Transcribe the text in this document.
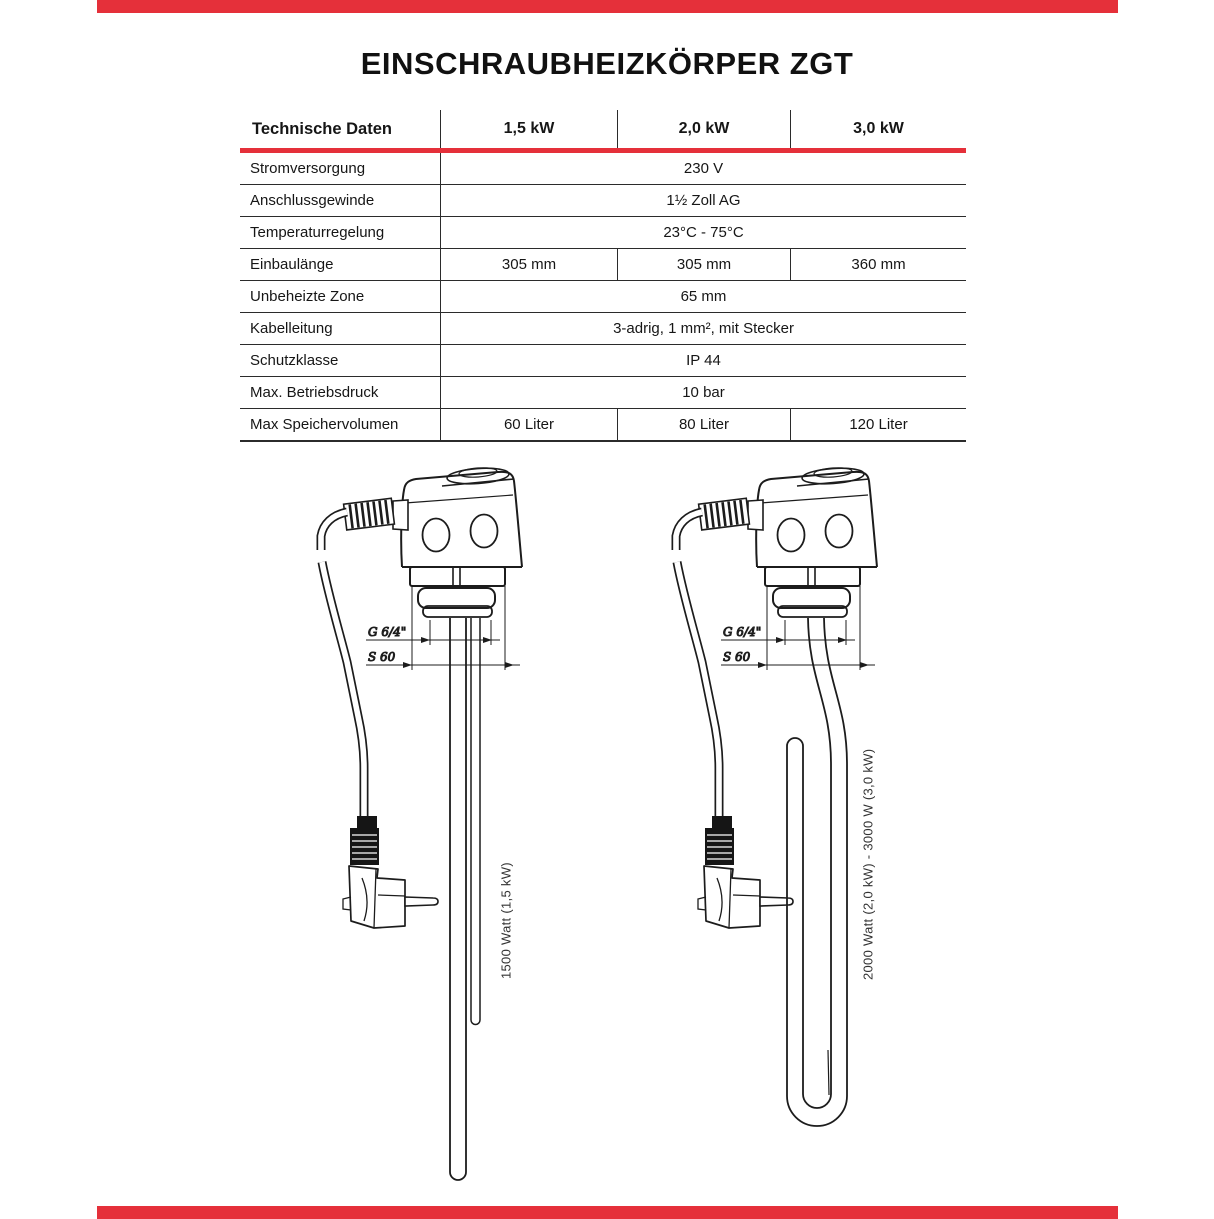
EINSCHRAUBHEIZKÖRPER ZGT
Technische Daten	1,5 kW	2,0 kW	3,0 kW
Stromversorgung	230 V
Anschlussgewinde	1½ Zoll AG
Temperaturregelung	23°C - 75°C
Einbaulänge	305 mm	305 mm	360 mm
Unbeheizte Zone	65 mm
Kabelleitung	3-adrig, 1 mm², mit Stecker
Schutzklasse	IP 44
Max. Betriebsdruck	10 bar
Max Speichervolumen	60 Liter	80 Liter	120 Liter
G 6/4"
S 60
G 6/4"
S 60
1500 Watt (1,5 kW)	2000 Watt (2,0 kW) - 3000 W (3,0 kW)
